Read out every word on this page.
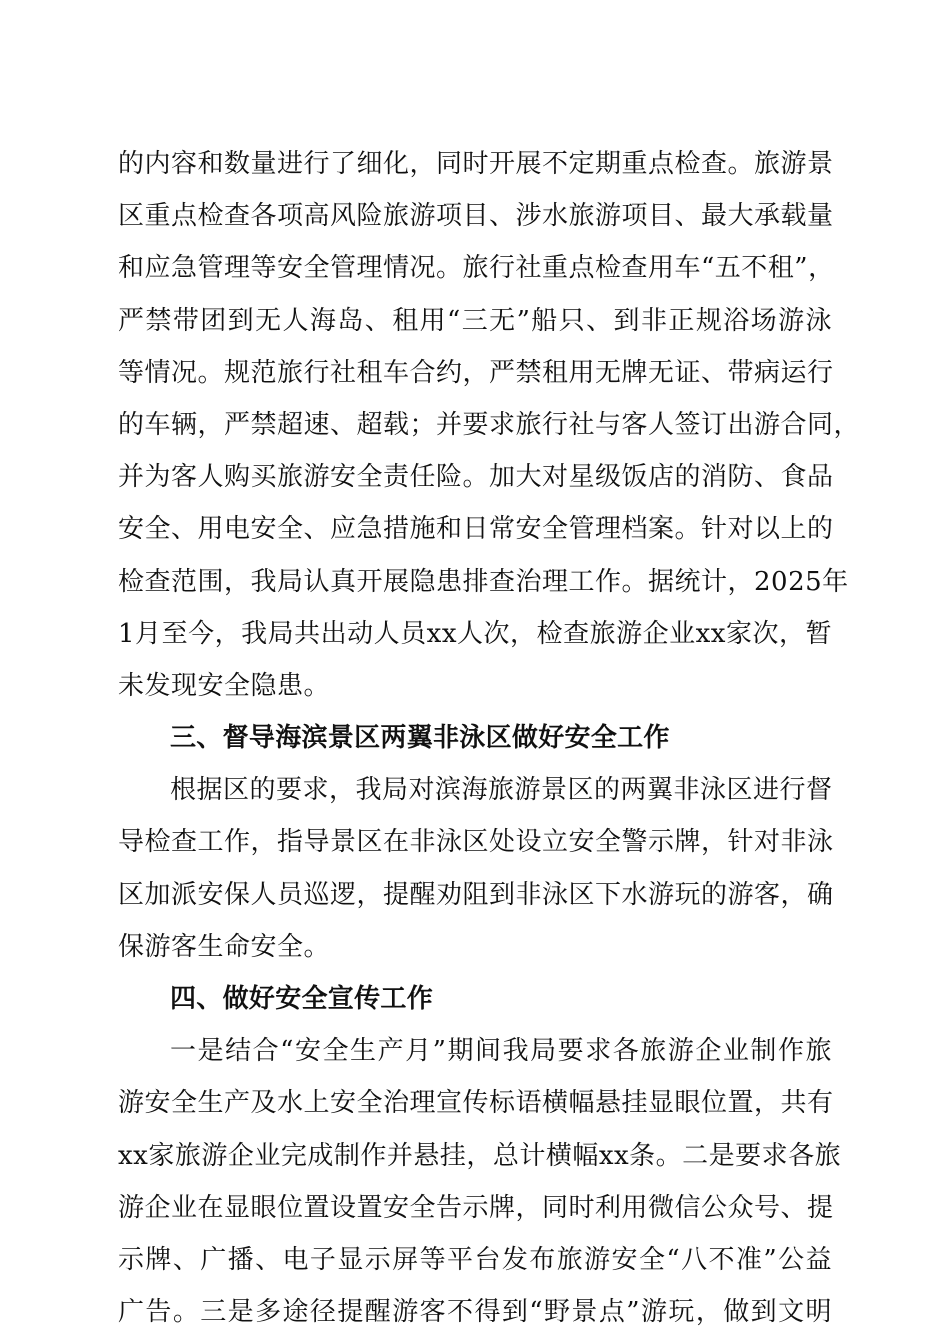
的内容和数量进行了细化，同时开展不定期重点检查。旅游景
区重点检查各项高风险旅游项目、涉水旅游项目、最大承载量
和应急管理等安全管理情况。旅行社重点检查用车“五不租”，
严禁带团到无人海岛、租用“三无”船只、到非正规浴场游泳
等情况。规范旅行社租车合约，严禁租用无牌无证、带病运行
的车辆，严禁超速、超载；并要求旅行社与客人签订出游合同，
并为客人购买旅游安全责任险。加大对星级饭店的消防、食品
安全、用电安全、应急措施和日常安全管理档案。针对以上的
检查范围，我局认真开展隐患排查治理工作。据统计，2025年
1月至今，我局共出动人员xx人次，检查旅游企业xx家次，暂
未发现安全隐患。
三、督导海滨景区两翼非泳区做好安全工作
根据区的要求，我局对滨海旅游景区的两翼非泳区进行督
导检查工作，指导景区在非泳区处设立安全警示牌，针对非泳
区加派安保人员巡逻，提醒劝阻到非泳区下水游玩的游客，确
保游客生命安全。
四、做好安全宣传工作
一是结合“安全生产月”期间我局要求各旅游企业制作旅
游安全生产及水上安全治理宣传标语横幅悬挂显眼位置，共有
xx家旅游企业完成制作并悬挂，总计横幅xx条。二是要求各旅
游企业在显眼位置设置安全告示牌，同时利用微信公众号、提
示牌、广播、电子显示屏等平台发布旅游安全“八不准”公益
广告。三是多途径提醒游客不得到“野景点”游玩，做到文明
